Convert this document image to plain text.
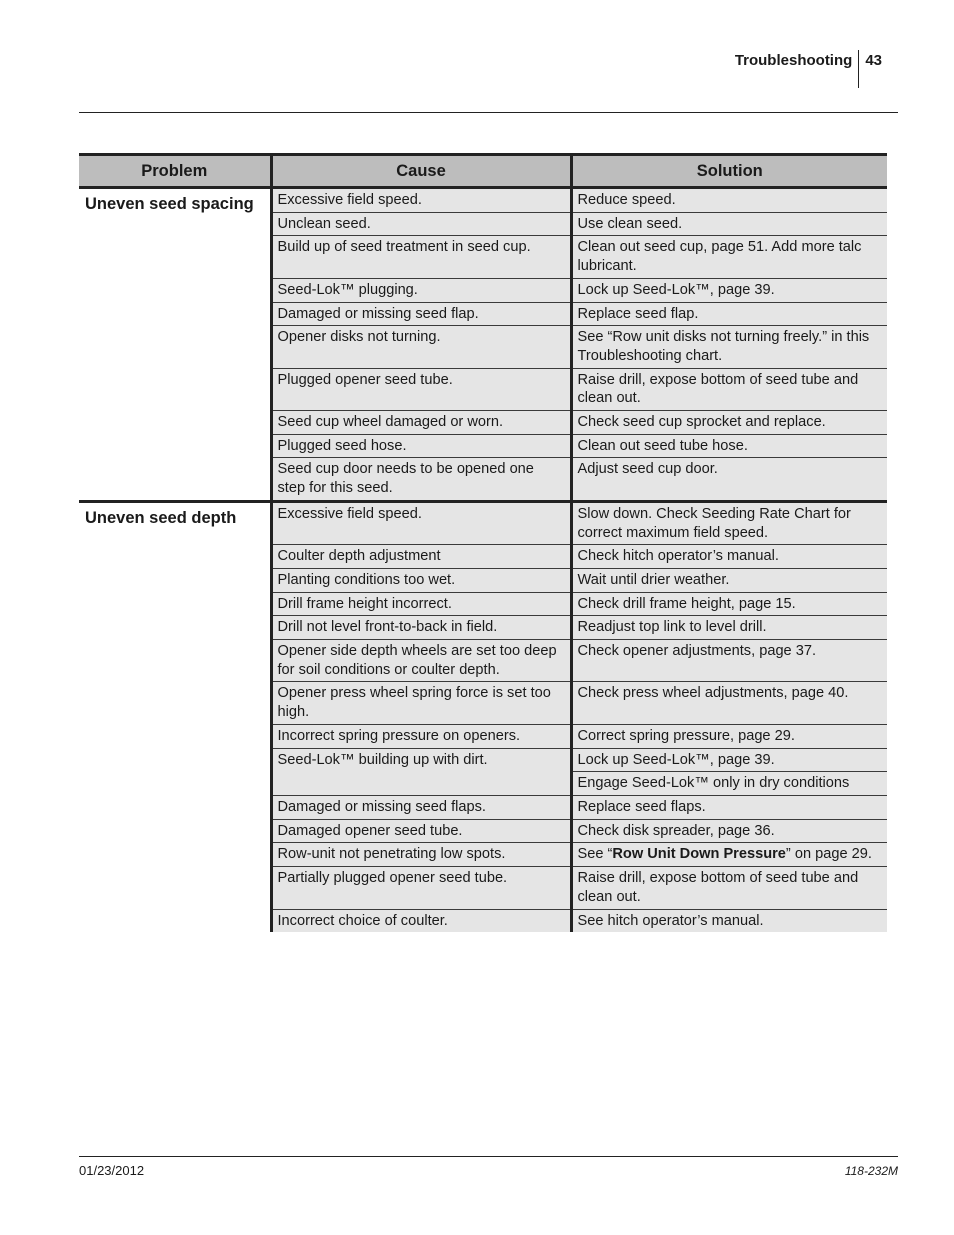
Troubleshooting 43
Problem	Cause	Solution
Uneven seed spacing	Excessive field speed.	Reduce speed.
	Unclean seed.	Use clean seed.
	Build up of seed treatment in seed cup.	Clean out seed cup, page 51. Add more talc lubricant.
	Seed-Lok™ plugging.	Lock up Seed-Lok™, page 39.
	Damaged or missing seed flap.	Replace seed flap.
	Opener disks not turning.	See “Row unit disks not turning freely.” in this Troubleshooting chart.
	Plugged opener seed tube.	Raise drill, expose bottom of seed tube and clean out.
	Seed cup wheel damaged or worn.	Check seed cup sprocket and replace.
	Plugged seed hose.	Clean out seed tube hose.
	Seed cup door needs to be opened one step for this seed.	Adjust seed cup door.
Uneven seed depth	Excessive field speed.	Slow down. Check Seeding Rate Chart for correct maximum field speed.
	Coulter depth adjustment	Check hitch operator’s manual.
	Planting conditions too wet.	Wait until drier weather.
	Drill frame height incorrect.	Check drill frame height, page 15.
	Drill not level front-to-back in field.	Readjust top link to level drill.
	Opener side depth wheels are set too deep for soil conditions or coulter depth.	Check opener adjustments, page 37.
	Opener press wheel spring force is set too high.	Check press wheel adjustments, page 40.
	Incorrect spring pressure on openers.	Correct spring pressure, page 29.
	Seed-Lok™ building up with dirt.	Lock up Seed-Lok™, page 39.
		Engage Seed-Lok™ only in dry conditions
	Damaged or missing seed flaps.	Replace seed flaps.
	Damaged opener seed tube.	Check disk spreader, page 36.
	Row-unit not penetrating low spots.	See “Row Unit Down Pressure” on page 29.
	Partially plugged opener seed tube.	Raise drill, expose bottom of seed tube and clean out.
	Incorrect choice of coulter.	See hitch operator’s manual.
01/23/2012	118-232M
